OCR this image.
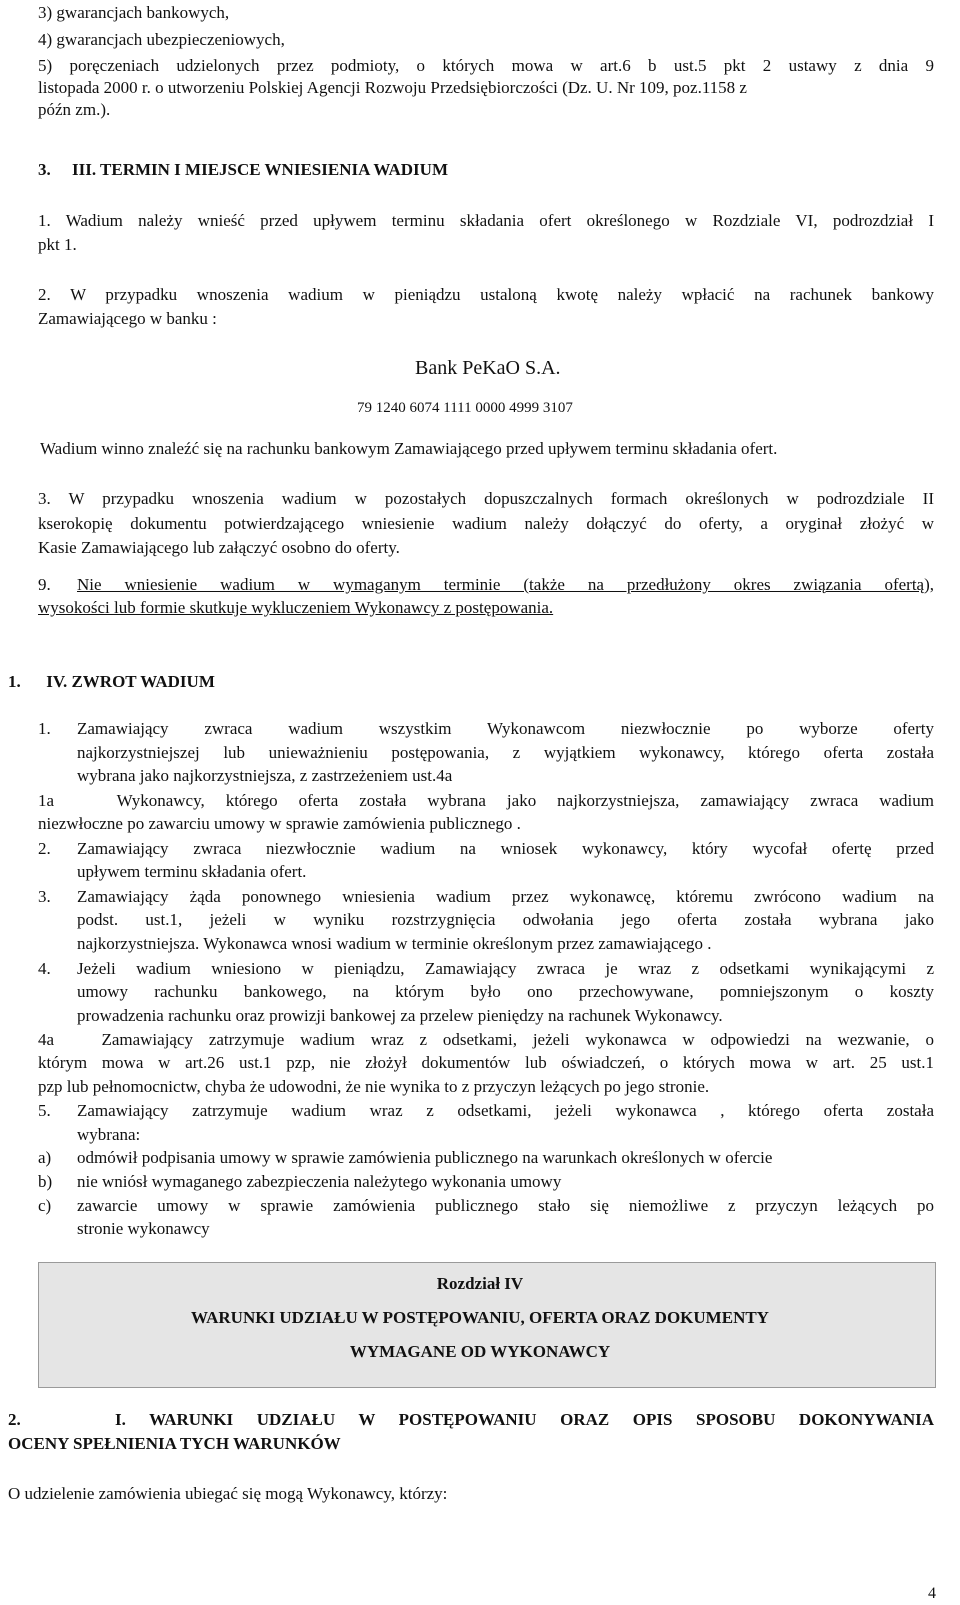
3) gwarancjach bankowych,
4) gwarancjach ubezpieczeniowych,
5) poręczeniach udzielonych przez podmioty, o których mowa w art.6 b ust.5 pkt 2 ustawy z dnia 9
listopada 2000 r. o utworzeniu Polskiej Agencji Rozwoju Przedsiębiorczości (Dz. U. Nr 109, poz.1158 z
późn zm.).
3.     III. TERMIN I MIEJSCE WNIESIENIA WADIUM
1. Wadium należy wnieść przed upływem terminu składania ofert określonego w Rozdziale VI, podrozdział I
pkt 1.
2. W przypadku wnoszenia wadium w pieniądzu ustaloną kwotę należy wpłacić na rachunek bankowy
Zamawiającego w banku :
Bank PeKaO S.A.
79 1240 6074 1111 0000 4999 3107
Wadium winno znaleźć się na rachunku bankowym Zamawiającego przed upływem terminu składania ofert.
3. W przypadku wnoszenia wadium w pozostałych dopuszczalnych formach określonych w podrozdziale II
kserokopię dokumentu potwierdzającego wniesienie wadium należy dołączyć do oferty, a oryginał złożyć w
Kasie Zamawiającego lub załączyć osobno do oferty.
9. Nie wniesienie wadium w wymaganym terminie (także na przedłużony okres związania ofertą),
wysokości lub formie skutkuje wykluczeniem Wykonawcy z postępowania.
1.      IV. ZWROT WADIUM
1. Zamawiający zwraca wadium wszystkim Wykonawcom niezwłocznie po wyborze oferty
najkorzystniejszej lub unieważnieniu postępowania, z wyjątkiem wykonawcy, którego oferta została
wybrana jako najkorzystniejsza, z zastrzeżeniem ust.4a
1a   Wykonawcy, którego oferta została wybrana jako najkorzystniejsza, zamawiający zwraca wadium
niezwłoczne po zawarciu umowy w sprawie zamówienia publicznego .
2. Zamawiający zwraca niezwłocznie wadium na wniosek wykonawcy, który wycofał ofertę przed
upływem terminu składania ofert.
3. Zamawiający żąda ponownego wniesienia wadium przez wykonawcę, któremu zwrócono wadium na
podst. ust.1, jeżeli w wyniku rozstrzygnięcia odwołania jego oferta została wybrana jako
najkorzystniejsza. Wykonawca wnosi wadium w terminie określonym przez zamawiającego .
4. Jeżeli wadium wniesiono w pieniądzu, Zamawiający zwraca je wraz z odsetkami wynikającymi z
umowy rachunku bankowego, na którym było ono przechowywane, pomniejszonym o koszty
prowadzenia rachunku oraz prowizji bankowej za przelew pieniędzy na rachunek Wykonawcy.
4a   Zamawiający zatrzymuje wadium wraz z odsetkami, jeżeli wykonawca w odpowiedzi na wezwanie, o
którym mowa w art.26 ust.1 pzp, nie złożył dokumentów lub oświadczeń, o których mowa w art. 25 ust.1
pzp lub pełnomocnictw, chyba że udowodni, że nie wynika to z przyczyn leżących po jego stronie.
5. Zamawiający zatrzymuje wadium wraz z odsetkami, jeżeli wykonawca , którego oferta została
wybrana:
a) odmówił podpisania umowy w sprawie zamówienia publicznego na warunkach określonych w ofercie
b) nie wniósł wymaganego zabezpieczenia należytego wykonania umowy
c) zawarcie umowy w sprawie zamówienia publicznego stało się niemożliwe z przyczyn leżących po
stronie wykonawcy
Rozdział IV
WARUNKI UDZIAŁU W POSTĘPOWANIU, OFERTA ORAZ DOKUMENTY
WYMAGANE OD WYKONAWCY
2.        I.  WARUNKI  UDZIAŁU  W  POSTĘPOWANIU  ORAZ  OPIS  SPOSOBU  DOKONYWANIA
OCENY SPEŁNIENIA TYCH WARUNKÓW
O udzielenie zamówienia ubiegać się mogą Wykonawcy, którzy:
4
